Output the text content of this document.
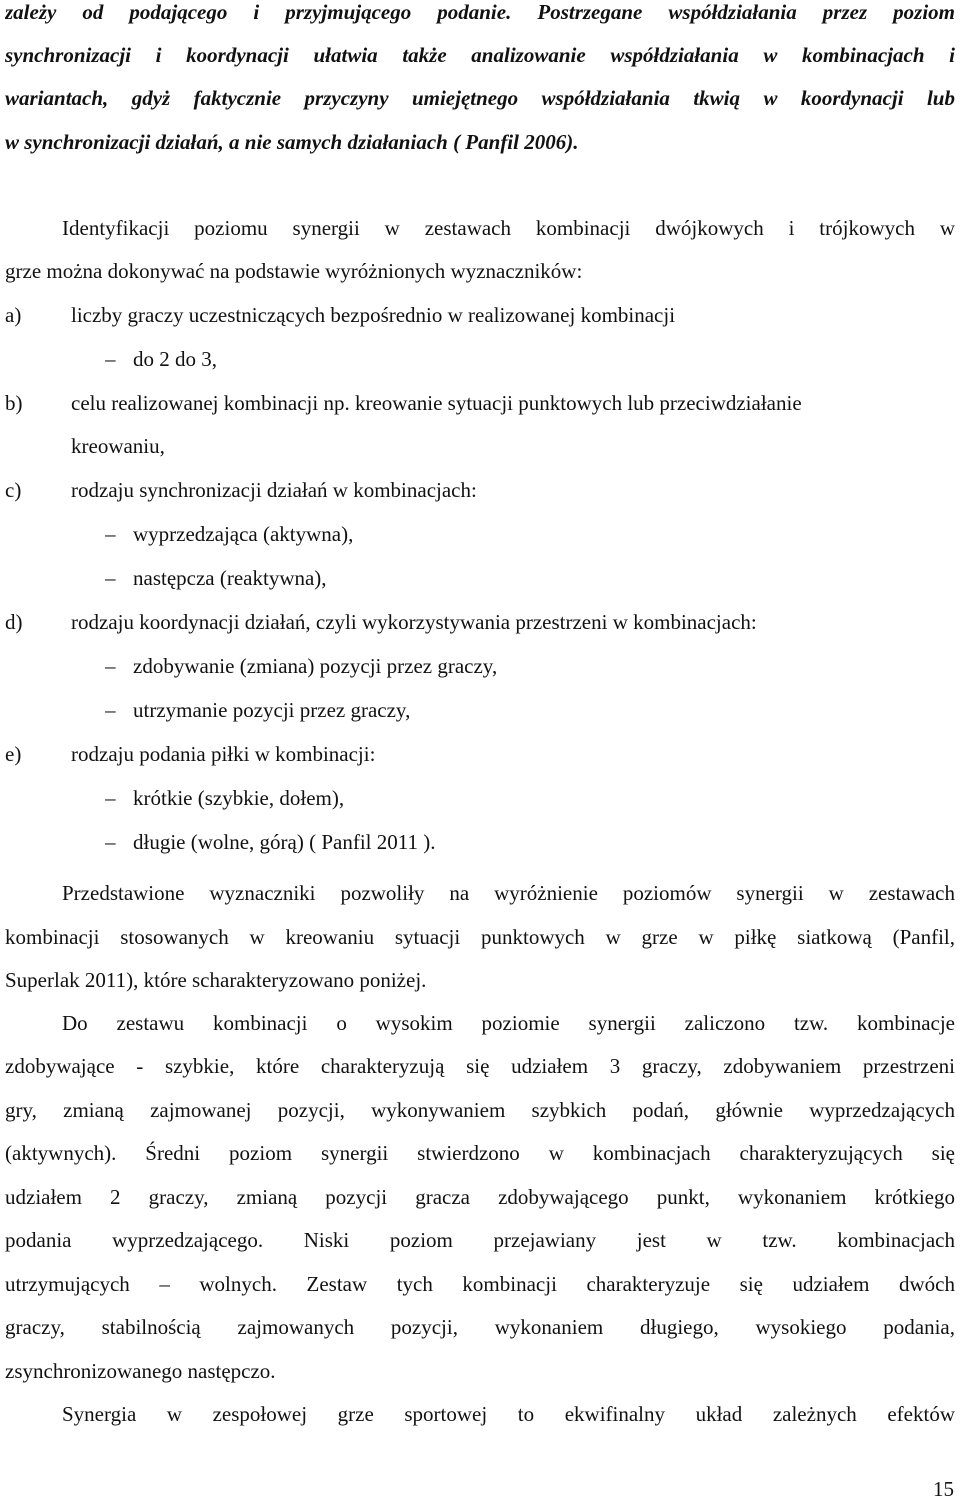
zależy od podającego i przyjmującego podanie. Postrzegane współdziałania przez poziom
synchronizacji i koordynacji ułatwia także analizowanie współdziałania w kombinacjach i
wariantach, gdyż faktycznie przyczyny umiejętnego współdziałania tkwią w koordynacji lub
w synchronizacji działań, a nie samych działaniach ( Panfil 2006).
Identyfikacji poziomu synergii w zestawach kombinacji dwójkowych i trójkowych w
grze można dokonywać na podstawie wyróżnionych wyznaczników:
a) liczby graczy uczestniczących bezpośrednio w realizowanej kombinacji
– do 2 do 3,
b) celu realizowanej kombinacji np. kreowanie sytuacji punktowych lub przeciwdziałanie
kreowaniu,
c) rodzaju synchronizacji działań w kombinacjach:
– wyprzedzająca (aktywna),
– następcza (reaktywna),
d) rodzaju koordynacji działań, czyli wykorzystywania przestrzeni w kombinacjach:
– zdobywanie (zmiana) pozycji przez graczy,
– utrzymanie pozycji przez graczy,
e) rodzaju podania piłki w kombinacji:
– krótkie (szybkie, dołem),
– długie (wolne, górą) ( Panfil 2011 ).
Przedstawione wyznaczniki pozwoliły na wyróżnienie poziomów synergii w zestawach
kombinacji stosowanych w kreowaniu sytuacji punktowych w grze w piłkę siatkową (Panfil,
Superlak 2011), które scharakteryzowano poniżej.
Do zestawu kombinacji o wysokim poziomie synergii zaliczono tzw. kombinacje
zdobywające - szybkie, które charakteryzują się udziałem 3 graczy, zdobywaniem przestrzeni
gry, zmianą zajmowanej pozycji, wykonywaniem szybkich podań, głównie wyprzedzających
(aktywnych). Średni poziom synergii stwierdzono w kombinacjach charakteryzujących się
udziałem 2 graczy, zmianą pozycji gracza zdobywającego punkt, wykonaniem krótkiego
podania wyprzedzającego. Niski poziom przejawiany jest w tzw. kombinacjach
utrzymujących – wolnych. Zestaw tych kombinacji charakteryzuje się udziałem dwóch
graczy, stabilnością zajmowanych pozycji, wykonaniem długiego, wysokiego podania,
zsynchronizowanego następczo.
Synergia w zespołowej grze sportowej to ekwifinalny układ zależnych efektów
15
